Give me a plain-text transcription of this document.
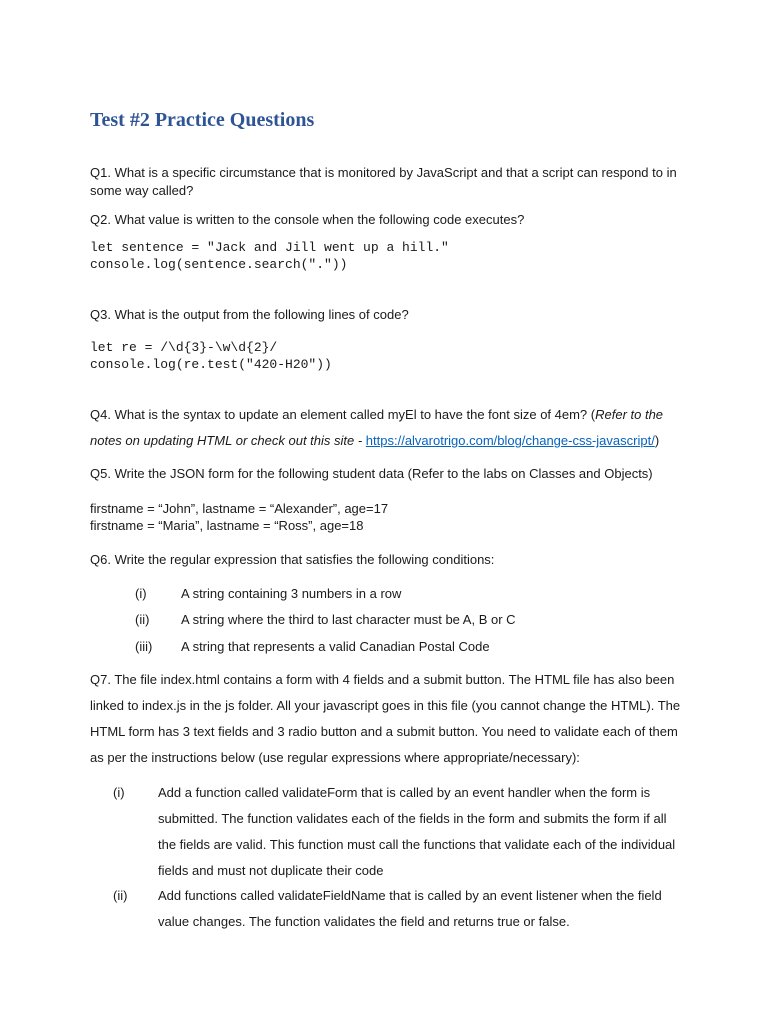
Test #2 Practice Questions

Q1. What is a specific circumstance that is monitored by JavaScript and that a script can respond to in

some way called?

Q2. What value is written to the console when the following code executes?

let sentence = "Jack and Jill went up a hill."

console.log(sentence.search("."))

Q3. What is the output from the following lines of code?

let re = /\d{3}-\w\d{2}/

console.log(re.test("420-H20"))

Q4. What is the syntax to update an element called myEl to have the font size of 4em? (Refer to the

notes on updating HTML or check out this site - https://alvarotrigo.com/blog/change-css-javascript/)

Q5. Write the JSON form for the following student data (Refer to the labs on Classes and Objects)

firstname = “John”, lastname = “Alexander”, age=17

firstname = “Maria”, lastname = “Ross”, age=18

Q6. Write the regular expression that satisfies the following conditions:

(i)	A string containing 3 numbers in a row
(ii) A string where the third to last character must be A, B or C
(iii) A string that represents a valid Canadian Postal Code

Q7. The file index.html contains a form with 4 fields and a submit button. The HTML file has also been

linked to index.js in the js folder. All your javascript goes in this file (you cannot change the HTML). The

HTML form has 3 text fields and 3 radio button and a submit button. You need to validate each of them

as per the instructions below (use regular expressions where appropriate/necessary):

(i)	Add a function called validateForm that is called by an event handler when the form is
submitted. The function validates each of the fields in the form and submits the form if all
the fields are valid. This function must call the functions that validate each of the individual
fields and must not duplicate their code
(ii) Add functions called validateFieldName that is called by an event listener when the field
value changes. The function validates the field and returns true or false.
